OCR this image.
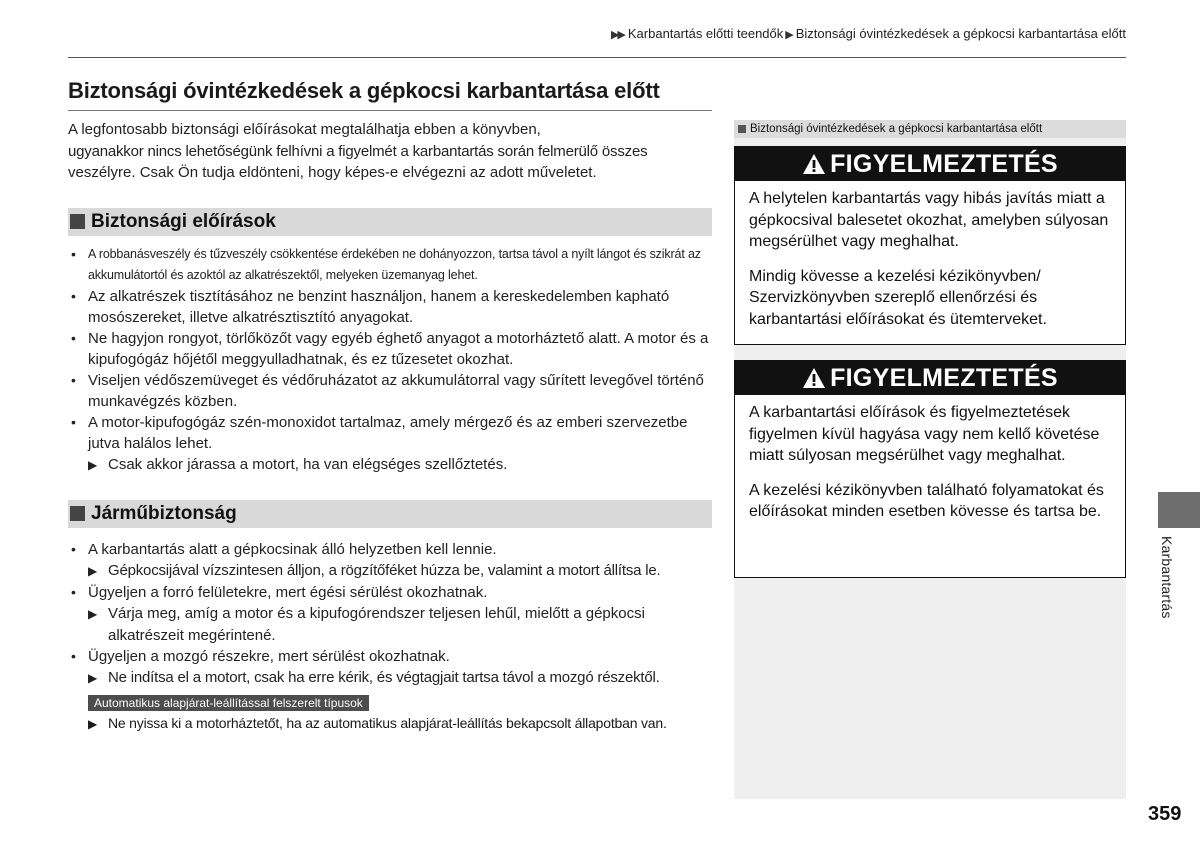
▶▶ Karbantartás előtti teendők ▶ Biztonsági óvintézkedések a gépkocsi karbantartása előtt
Biztonsági óvintézkedések a gépkocsi karbantartása előtt
A legfontosabb biztonsági előírásokat megtalálhatja ebben a könyvben,
ugyanakkor nincs lehetőségünk felhívni a figyelmét a karbantartás során felmerülő összes
veszélyre. Csak Ön tudja eldönteni, hogy képes-e elvégezni az adott műveletet.
Biztonsági előírások
• A robbanásveszély és tűzveszély csökkentése érdekében ne dohányozzon, tartsa távol a nyílt lángot és szikrát az akkumulátortól és azoktól az alkatrészektől, melyeken üzemanyag lehet.
• Az alkatrészek tisztításához ne benzint használjon, hanem a kereskedelemben kapható mosószereket, illetve alkatrésztisztító anyagokat.
• Ne hagyjon rongyot, törlőközőt vagy egyéb éghető anyagot a motorháztető alatt. A motor és a kipufogógáz hőjétől meggyulladhatnak, és ez tűzesetet okozhat.
• Viseljen védőszemüveget és védőruházatot az akkumulátorral vagy sűrített levegővel történő munkavégzés közben.
• A motor-kipufogógáz szén-monoxidot tartalmaz, amely mérgező és az emberi szervezetbe jutva halálos lehet.
▶ Csak akkor járassa a motort, ha van elégséges szellőztetés.
Járműbiztonság
• A karbantartás alatt a gépkocsinak álló helyzetben kell lennie.
▶ Gépkocsijával vízszintesen álljon, a rögzítőféket húzza be, valamint a motort állítsa le.
• Ügyeljen a forró felületekre, mert égési sérülést okozhatnak.
▶ Várja meg, amíg a motor és a kipufogórendszer teljesen lehűl, mielőtt a gépkocsi alkatrészeit megérintené.
• Ügyeljen a mozgó részekre, mert sérülést okozhatnak.
▶ Ne indítsa el a motort, csak ha erre kérik, és végtagjait tartsa távol a mozgó részektől.
Automatikus alapjárat-leállítással felszerelt típusok
▶ Ne nyissa ki a motorháztetőt, ha az automatikus alapjárat-leállítás bekapcsolt állapotban van.
Biztonsági óvintézkedések a gépkocsi karbantartása előtt
FIGYELMEZTETÉS

A helytelen karbantartás vagy hibás javítás miatt a gépkocsival balesetet okozhat, amelyben súlyosan megsérülhet vagy meghalhat.

Mindig kövesse a kezelési kézikönyvben/ Szervizkönyvben szereplő ellenőrzési és karbantartási előírásokat és ütemterveket.

FIGYELMEZTETÉS

A karbantartási előírások és figyelmeztetések figyelmen kívül hagyása vagy nem kellő követése miatt súlyosan megsérülhet vagy meghalhat.

A kezelési kézikönyvben található folyamatokat és előírásokat minden esetben kövesse és tartsa be.

Karbantartás
359
